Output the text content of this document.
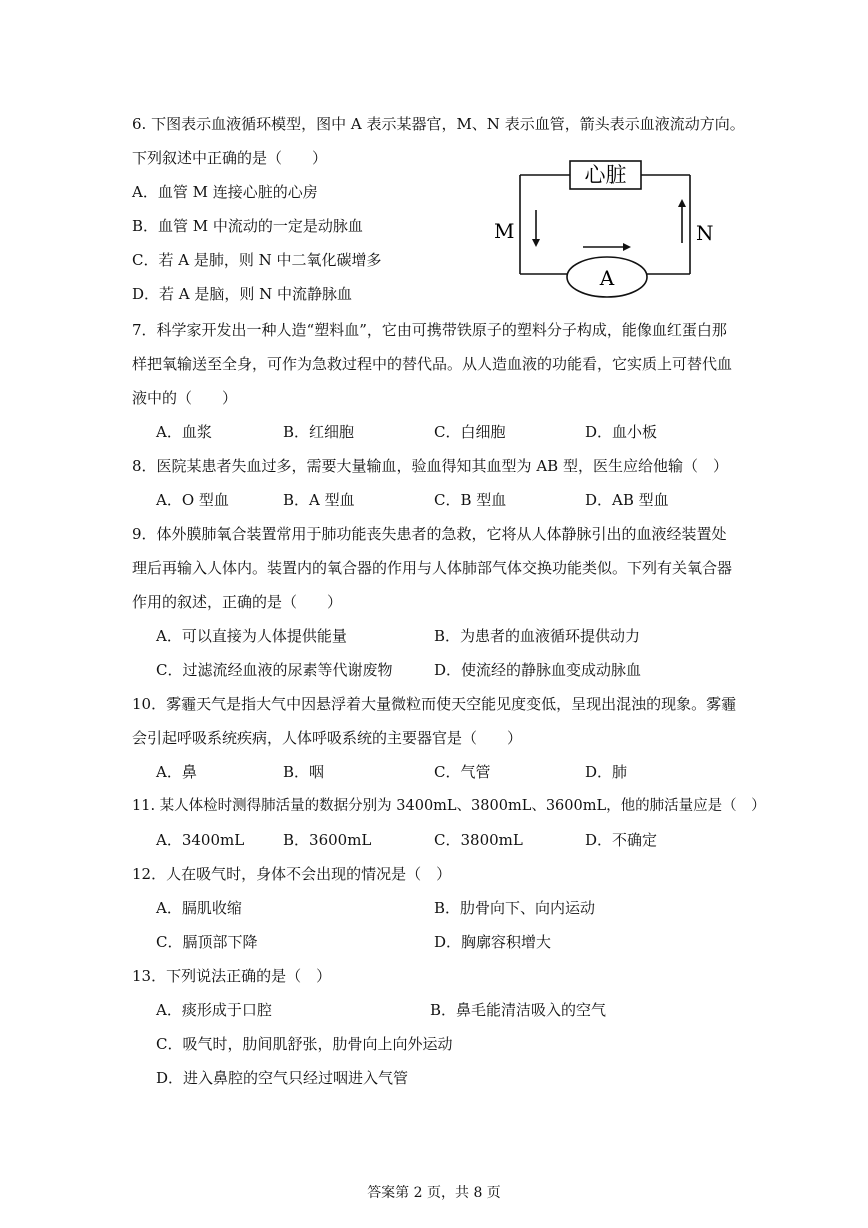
6. 下图表示血液循环模型，图中 A 表示某器官，M、N 表示血管，箭头表示血液流动方向。
下列叙述中正确的是（　　）
A．血管 M 连接心脏的心房
B．血管 M 中流动的一定是动脉血
C．若 A 是肺，则 N 中二氧化碳增多
D．若 A 是脑，则 N 中流静脉血
心脏
A
M	N
7．科学家开发出一种人造“塑料血”，它由可携带铁原子的塑料分子构成，能像血红蛋白那
样把氧输送至全身，可作为急救过程中的替代品。从人造血液的功能看，它实质上可替代血
液中的（　　）
A．血浆	B．红细胞	C．白细胞	D．血小板
8．医院某患者失血过多，需要大量输血，验血得知其血型为 AB 型，医生应给他输（　）
A．O 型血	B．A 型血	C．B 型血	D．AB 型血
9．体外膜肺氧合装置常用于肺功能丧失患者的急救，它将从人体静脉引出的血液经装置处
理后再输入人体内。装置内的氧合器的作用与人体肺部气体交换功能类似。下列有关氧合器
作用的叙述，正确的是（　　）
A．可以直接为人体提供能量	B．为患者的血液循环提供动力
C．过滤流经血液的尿素等代谢废物	D．使流经的静脉血变成动脉血
10．雾霾天气是指大气中因悬浮着大量微粒而使天空能见度变低，呈现出混浊的现象。雾霾
会引起呼吸系统疾病，人体呼吸系统的主要器官是（　　）
A．鼻	B．咽	C．气管	D．肺
11. 某人体检时测得肺活量的数据分别为 3400mL、3800mL、3600mL，他的肺活量应是（　）
A．3400mL	B．3600mL	C．3800mL	D．不确定
12．人在吸气时，身体不会出现的情况是（　）
A．膈肌收缩	B．肋骨向下、向内运动
C．膈顶部下降	D．胸廓容积增大
13．下列说法正确的是（　）
A．痰形成于口腔	B．鼻毛能清洁吸入的空气
C．吸气时，肋间肌舒张，肋骨向上向外运动
D．进入鼻腔的空气只经过咽进入气管
答案第 2 页，共 8 页
